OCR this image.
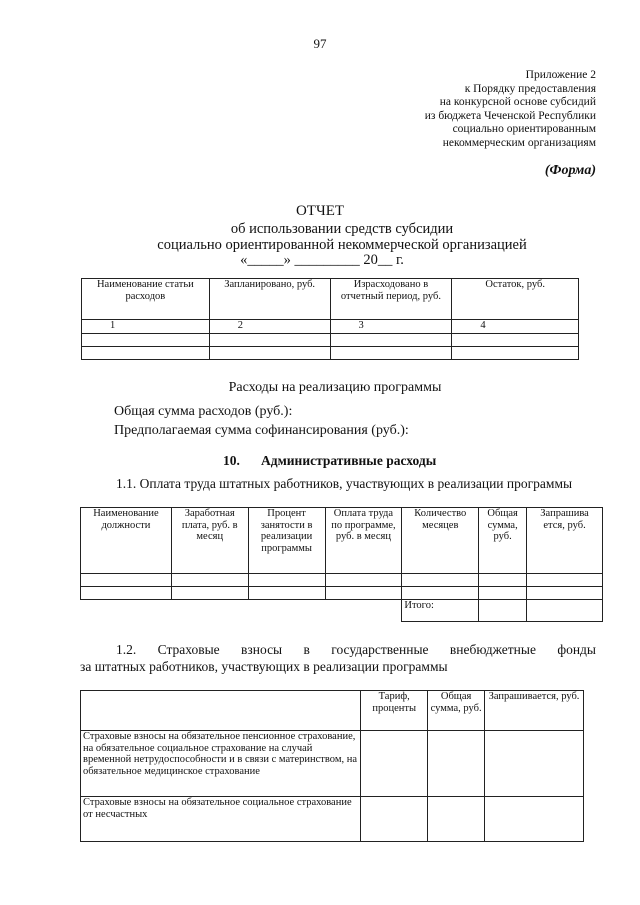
97
Приложение 2
к Порядку предоставления
на конкурсной основе субсидий
из бюджета Чеченской Республики
социально ориентированным
некоммерческим организациям
(Форма)
ОТЧЕТ
об использовании средств субсидии
социально ориентированной некоммерческой организацией
«_____» _________ 20__ г.
Наименование статьи расходов	Запланировано, руб.	Израсходовано в отчетный период, руб.	Остаток, руб.
1	2	3	4

Расходы на реализацию программы
Общая сумма расходов (руб.):
Предполагаемая сумма софинансирования (руб.):
10. Административные расходы
1.1. Оплата труда штатных работников, участвующих в реализации программы
Наименование должности	Заработная плата, руб. в месяц	Процент занятости в реализации программы	Оплата труда по программе, руб. в месяц	Количество месяцев	Общая сумма, руб.	Запрашива ется, руб.

				Итого:		
1.2. Страховые взносы в государственные внебюджетные фонды
за штатных работников, участвующих в реализации программы
	Тариф, проценты	Общая сумма, руб.	Запрашивается, руб.
Страховые взносы на обязательное пенсионное страхование, на обязательное социальное страхование на случай временной нетрудоспособности и в связи с материнством, на обязательное медицинское страхование			
Страховые взносы на обязательное социальное страхование от несчастных			
